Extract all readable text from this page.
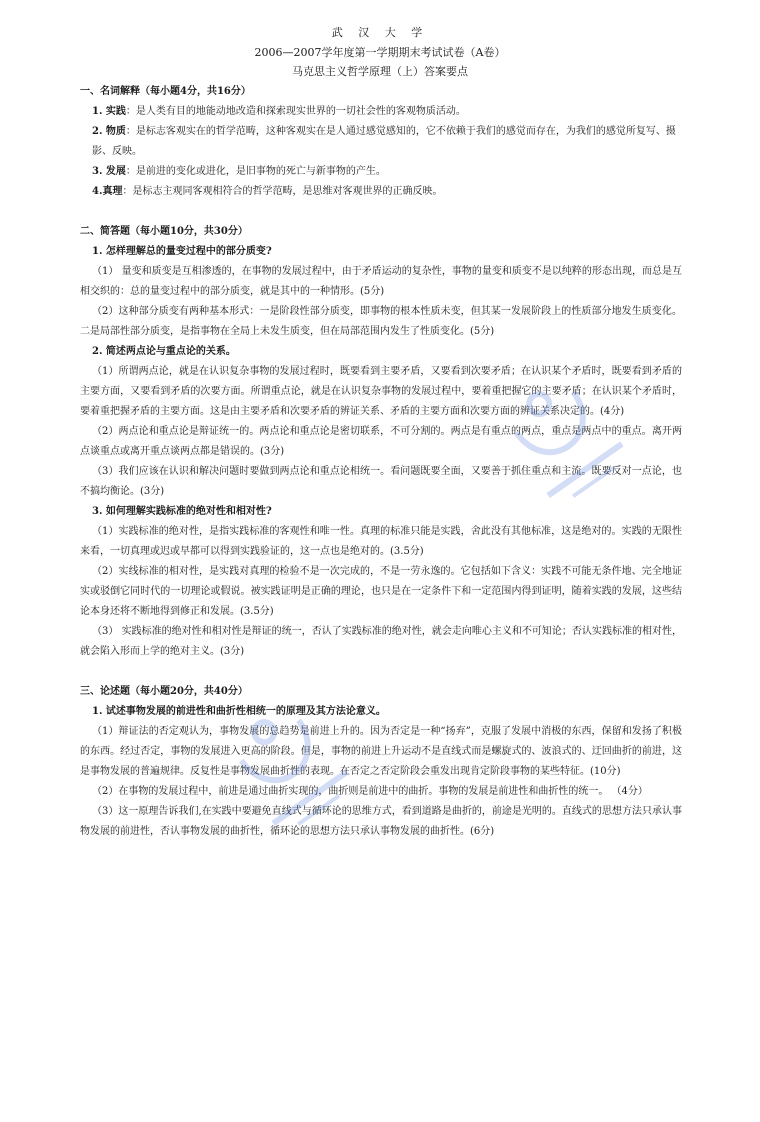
武 汉 大 学
2006—2007学年度第一学期期末考试试卷（A卷）
马克思主义哲学原理（上）答案要点

一、名词解释（每小题4分，共16分）

1. 实践：是人类有目的地能动地改造和探索现实世界的一切社会性的客观物质活动。

2. 物质：是标志客观实在的哲学范畴，这种客观实在是人通过感觉感知的，它不依赖于我们的感觉而存在，为我们的感觉所复写、摄影、反映。

3. 发展：是前进的变化或进化，是旧事物的死亡与新事物的产生。

4.真理：是标志主观同客观相符合的哲学范畴，是思维对客观世界的正确反映。

二、简答题（每小题10分，共30分）

1. 怎样理解总的量变过程中的部分质变?

（1） 量变和质变是互相渗透的，在事物的发展过程中，由于矛盾运动的复杂性，事物的量变和质变不是以纯粹的形态出现，而总是互相交织的：总的量变过程中的部分质变，就是其中的一种情形。(5分)

（2）这种部分质变有两种基本形式：一是阶段性部分质变，即事物的根本性质未变，但其某一发展阶段上的性质部分地发生质变化。二是局部性部分质变，是指事物在全局上未发生质变，但在局部范围内发生了性质变化。(5分)

2. 简述两点论与重点论的关系。

（1）所谓两点论，就是在认识复杂事物的发展过程时，既要看到主要矛盾，又要看到次要矛盾；在认识某个矛盾时，既要看到矛盾的主要方面，又要看到矛盾的次要方面。所谓重点论，就是在认识复杂事物的发展过程中，要着重把握它的主要矛盾；在认识某个矛盾时，要着重把握矛盾的主要方面。这是由主要矛盾和次要矛盾的辨证关系、矛盾的主要方面和次要方面的辨证关系决定的。(4分)

（2）两点论和重点论是辩证统一的。两点论和重点论是密切联系，不可分割的。两点是有重点的两点，重点是两点中的重点。离开两点谈重点或离开重点谈两点都是错误的。(3分)

（3）我们应该在认识和解决问题时要做到两点论和重点论相统一。看问题既要全面，又要善于抓住重点和主流。既要反对一点论，也不搞均衡论。(3分)

3. 如何理解实践标准的绝对性和相对性?

（1）实践标准的绝对性，是指实践标准的客观性和唯一性。真理的标准只能是实践，舍此没有其他标准，这是绝对的。实践的无限性来看，一切真理或迟或早都可以得到实践验证的，这一点也是绝对的。(3.5分)

（2）实线标准的相对性，是实践对真理的检验不是一次完成的，不是一劳永逸的。它包括如下含义：实践不可能无条件地、完全地证实或驳倒它同时代的一切理论或假说。被实践证明是正确的理论，也只是在一定条件下和一定范围内得到证明，随着实践的发展，这些结论本身还将不断地得到修正和发展。(3.5分)

（3） 实践标准的绝对性和相对性是辩证的统一，否认了实践标准的绝对性，就会走向唯心主义和不可知论；否认实践标准的相对性，就会陷入形而上学的绝对主义。(3分)

三、论述题（每小题20分，共40分）

1. 试述事物发展的前进性和曲折性相统一的原理及其方法论意义。

（1）辩证法的否定观认为，事物发展的总趋势是前进上升的。因为否定是一种“扬弃”，克服了发展中消极的东西，保留和发扬了积极的东西。经过否定，事物的发展进入更高的阶段。但是，事物的前进上升运动不是直线式而是螺旋式的、波浪式的、迂回曲折的前进，这是事物发展的普遍规律。反复性是事物发展曲折性的表现。在否定之否定阶段会重发出现肯定阶段事物的某些特征。(10分)

（2）在事物的发展过程中，前进是通过曲折实现的，曲折则是前进中的曲折。事物的发展是前进性和曲折性的统一。 （4分）

（3）这一原理告诉我们,在实践中要避免直线式与循环论的思维方式，看到道路是曲折的，前途是光明的。直线式的思想方法只承认事物发展的前进性，否认事物发展的曲折性，循环论的思想方法只承认事物发展的曲折性。(6分)
